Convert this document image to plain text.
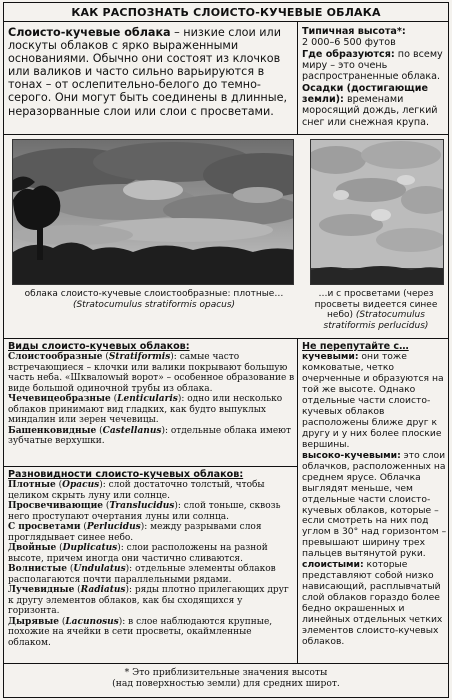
КАК РАСПОЗНАТЬ СЛОИСТО-КУЧЕВЫЕ ОБЛАКА
Слоисто-кучевые облака – низкие слои или лоскуты облаков с ярко выраженными основаниями. Обычно они состоят из клочков или валиков и часто сильно варьируются в тонах – от ослепительно-белого до темно-серого. Они могут быть соединены в длинные, неразорванные слои или слои с просветами.
Типичная высота*:
2 000–6 500 футов
Где образуются: по всему миру – это очень распространенные облака.
Осадки (достигающие земли): временами моросящий дождь, легкий снег или снежная крупа.
облака слоисто-кучевые слоистообразные: плотные…
(Stratocumulus stratiformis opacus)
…и с просветами (через просветы видеется синее небо) (Stratocumulus stratiformis perlucidus)
Виды слоисто-кучевых облаков:

Слоистообразные (Stratiformis): самые часто встречающиеся – клочки или валики покрывают большую часть неба. «Шквалowый ворот» – особенное образование в виде большой одиночной трубы из облака.

Чечевицеобразные (Lenticularis): одно или несколько облаков принимают вид гладких, как будто выпуклых миндалин или зерен чечевицы.

Башенковидные (Castellanus): отдельные облака имеют зубчатые верхушки.

Разновидности слоисто-кучевых облаков:

Плотные (Opacus): слой достаточно толстый, чтобы целиком скрыть луну или солнце.

Просвечивающие (Translucidus): слой тоньше, сквозь него проступают очертания луны или солнца.

С просветами (Perlucidus): между разрывами слоя проглядывает синее небо.

Двойные (Duplicatus): слои расположены на разной высоте, причем иногда они частично сливаются.

Волнистые (Undulatus): отдельные элементы облаков располагаются почти параллельными рядами.

Лучевидные (Radiatus): ряды плотно прилегающих друг к другу элементов облаков, как бы сходящихся у горизонта.

Дырявые (Lacunosus): в слое наблюдаются крупные, похожие на ячейки в сети просветы, окаймленные облаком.

Не перепутайте с…
кучевыми: они тоже комковатые, четко очерченные и образуются на той же высоте. Однако отдельные части слоисто-кучевых облаков расположены ближе друг к другу и у них более плоские вершины.
высоко-кучевыми: это слои облачков, расположенных на среднем ярусе. Облачка выглядят меньше, чем отдельные части слоисто-кучевых облаков, которые – если смотреть на них под углом в 30° над горизонтом – превышают ширину трех пальцев вытянутой руки.
слоистыми: которые представляют собой низко нависающий, расплывчатый слой облаков гораздо более бедно окрашенных и линейных отдельных четких элементов слоисто-кучевых облаков.
* Это приблизительные значения высоты
(над поверхностью земли) для средних широт.
